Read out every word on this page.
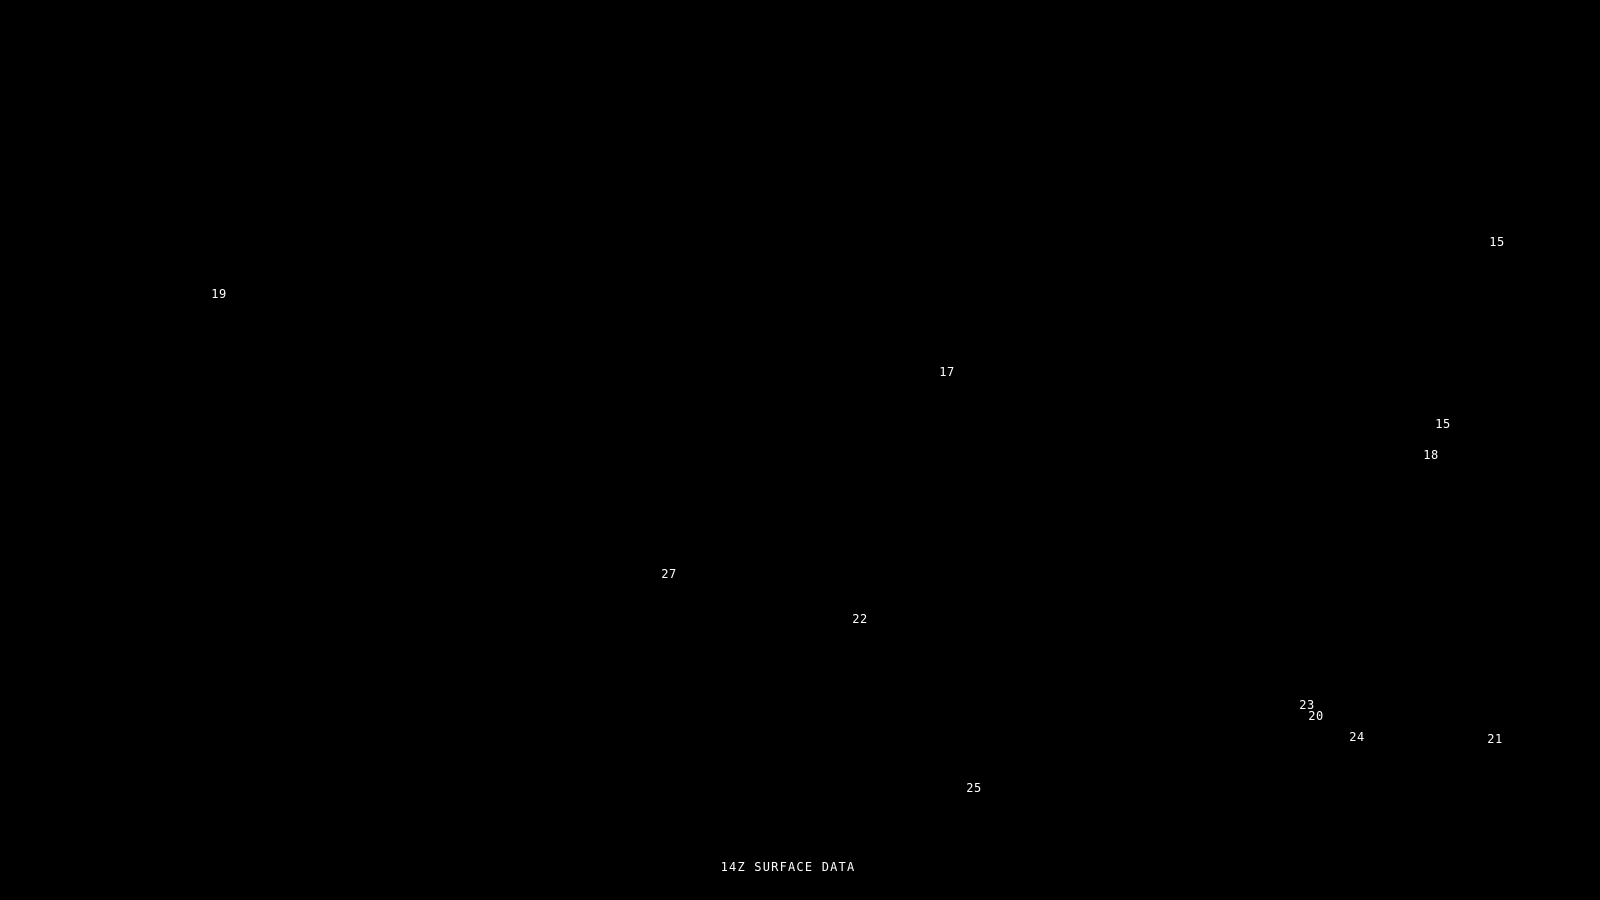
15
19
17
15
18
27
22
23
20
24	21
25
14Z SURFACE DATA
